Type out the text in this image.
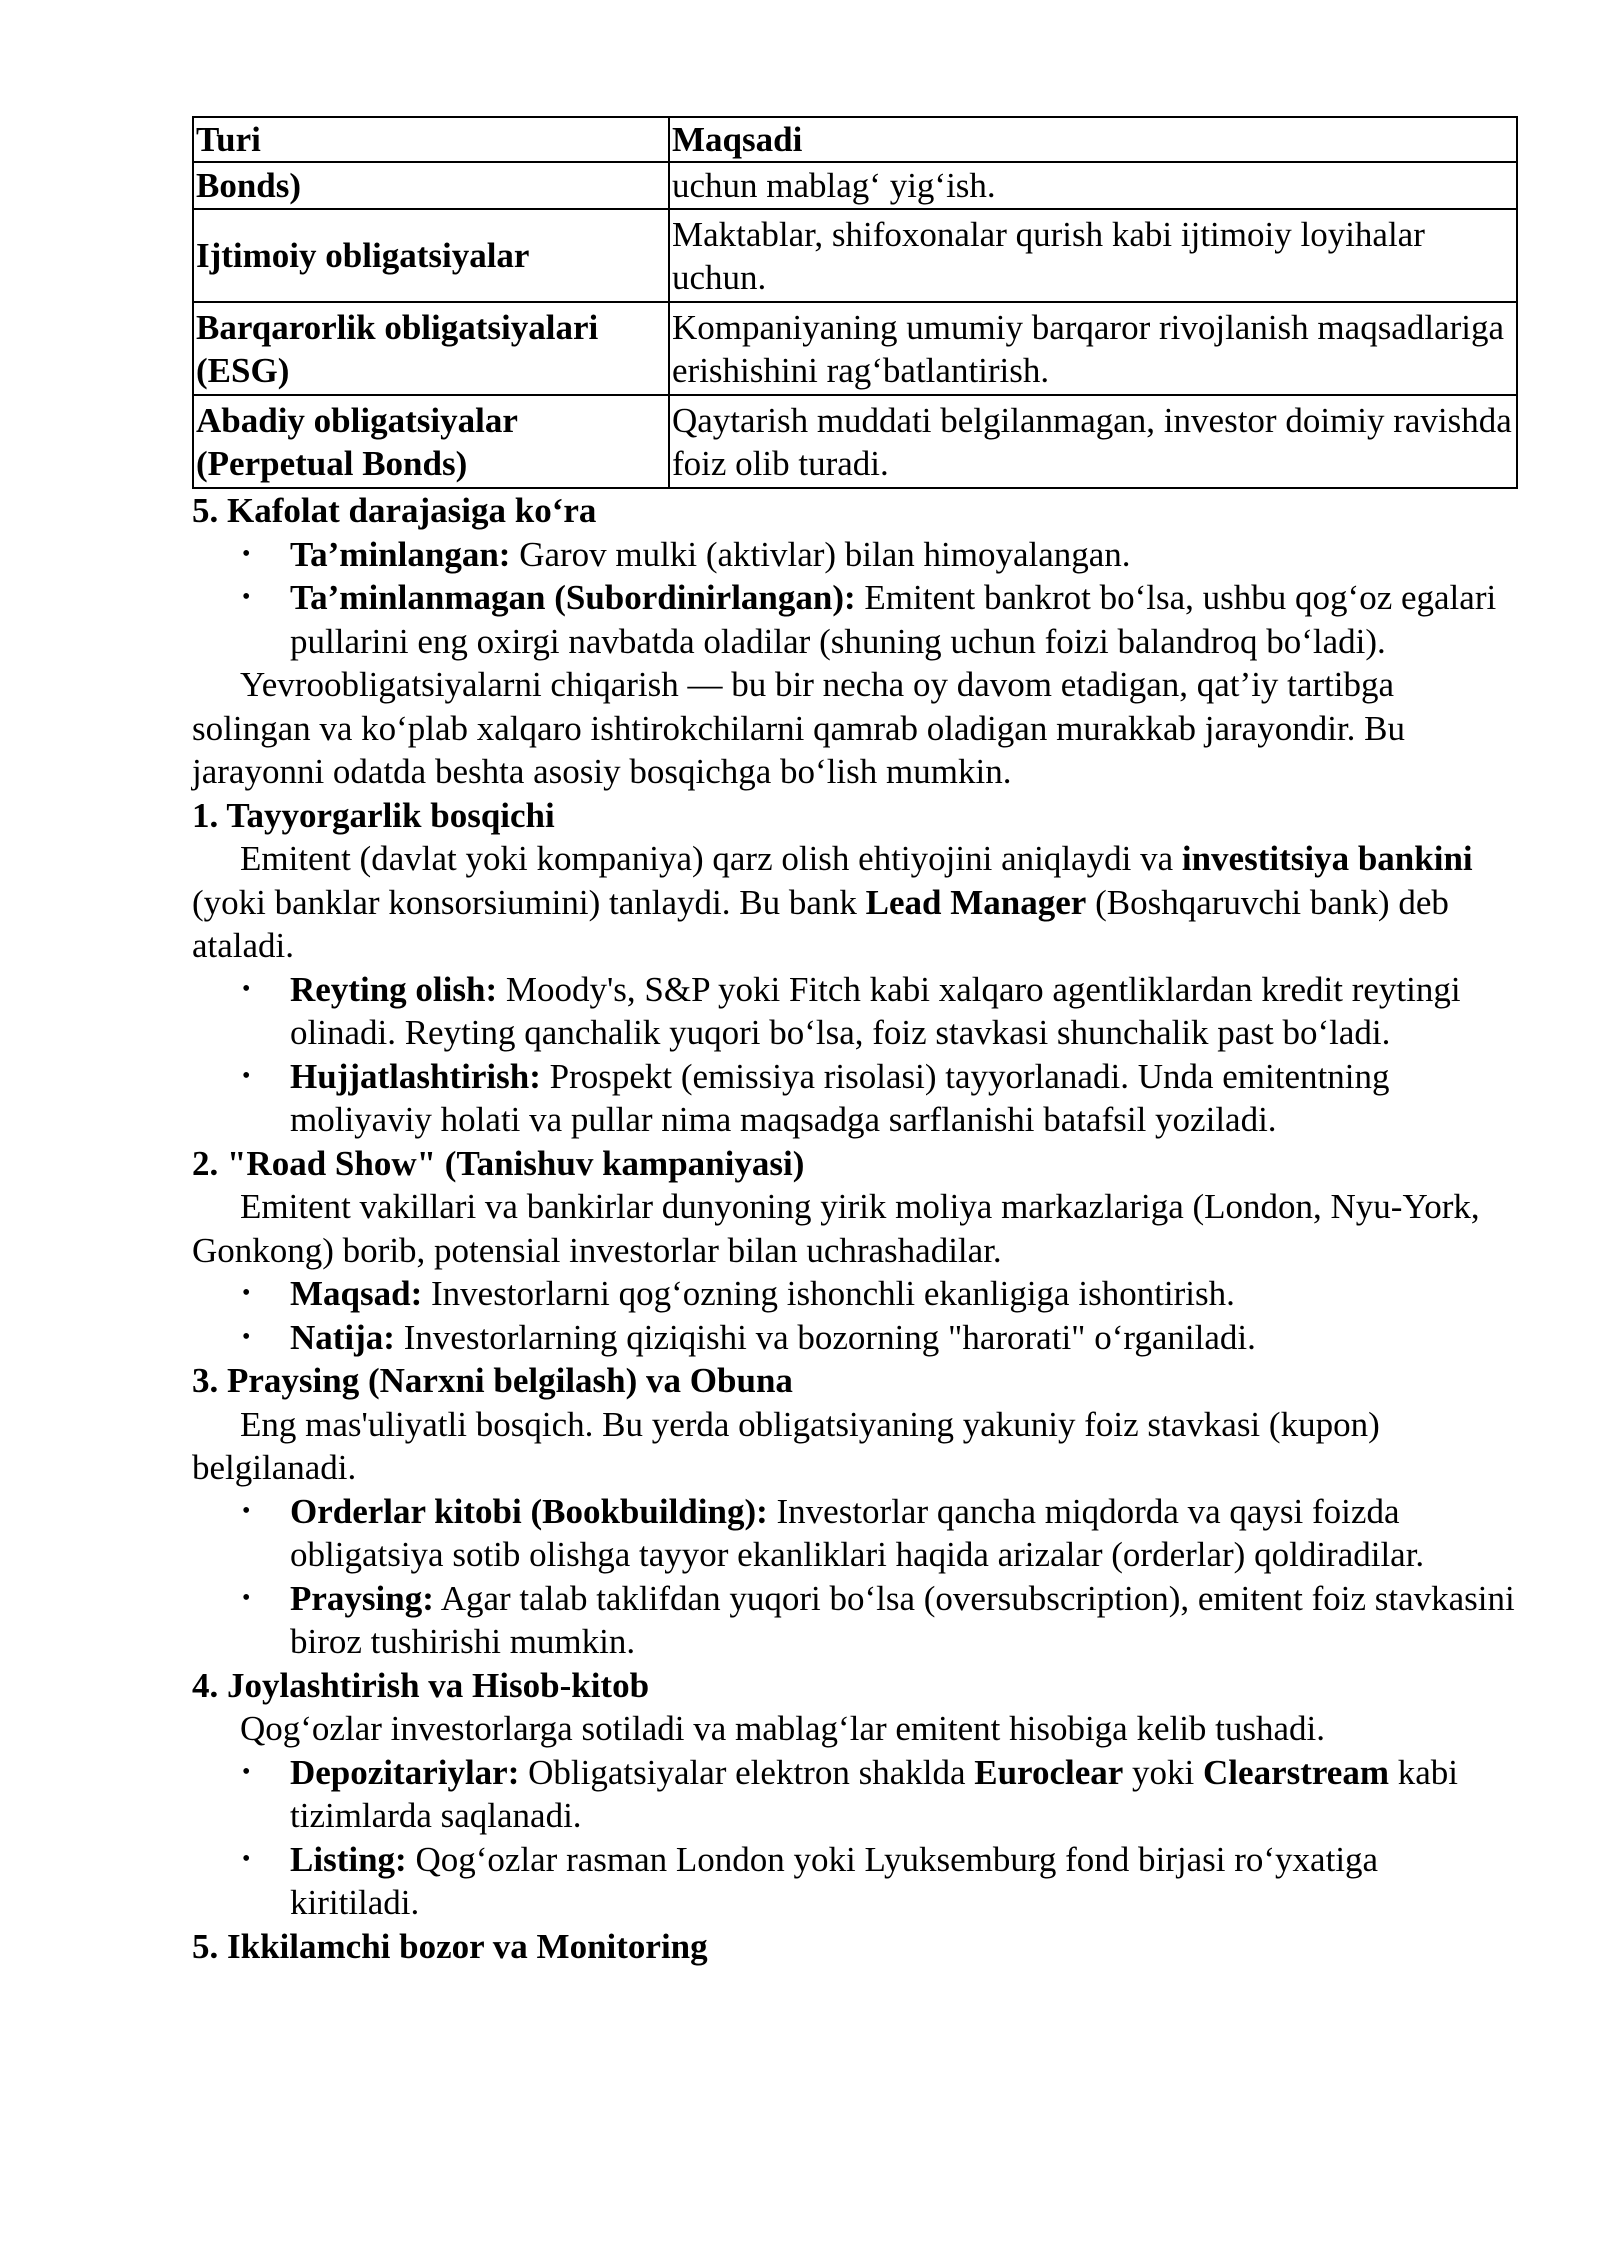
Turi	Maqsadi
Bonds)	uchun mablag‘ yig‘ish.
Ijtimoiy obligatsiyalar	Maktablar, shifoxonalar qurish kabi ijtimoiy loyihalar uchun.
Barqarorlik obligatsiyalari (ESG)	Kompaniyaning umumiy barqaror rivojlanish maqsadlariga erishishini rag‘batlantirish.
Abadiy obligatsiyalar (Perpetual Bonds)	Qaytarish muddati belgilanmagan, investor doimiy ravishda foiz olib turadi.

5. Kafolat darajasiga ko‘ra

• Ta’minlangan: Garov mulki (aktivlar) bilan himoyalangan.
• Ta’minlanmagan (Subordinirlangan): Emitent bankrot bo‘lsa, ushbu qog‘oz egalari pullarini eng oxirgi navbatda oladilar (shuning uchun foizi balandroq bo‘ladi).

Yevroobligatsiyalarni chiqarish — bu bir necha oy davom etadigan, qat’iy tartibga solingan va ko‘plab xalqaro ishtirokchilarni qamrab oladigan murakkab jarayondir. Bu jarayonni odatda beshta asosiy bosqichga bo‘lish mumkin.

1. Tayyorgarlik bosqichi

Emitent (davlat yoki kompaniya) qarz olish ehtiyojini aniqlaydi va investitsiya bankini (yoki banklar konsorsiumini) tanlaydi. Bu bank Lead Manager (Boshqaruvchi bank) deb ataladi.

• Reyting olish: Moody's, S&P yoki Fitch kabi xalqaro agentliklardan kredit reytingi olinadi. Reyting qanchalik yuqori bo‘lsa, foiz stavkasi shunchalik past bo‘ladi.
• Hujjatlashtirish: Prospekt (emissiya risolasi) tayyorlanadi. Unda emitentning moliyaviy holati va pullar nima maqsadga sarflanishi batafsil yoziladi.

2. "Road Show" (Tanishuv kampaniyasi)

Emitent vakillari va bankirlar dunyoning yirik moliya markazlariga (London, Nyu-York, Gonkong) borib, potensial investorlar bilan uchrashadilar.

• Maqsad: Investorlarni qog‘ozning ishonchli ekanligiga ishontirish.
• Natija: Investorlarning qiziqishi va bozorning "harorati" o‘rganiladi.

3. Praysing (Narxni belgilash) va Obuna

Eng mas'uliyatli bosqich. Bu yerda obligatsiyaning yakuniy foiz stavkasi (kupon) belgilanadi.

• Orderlar kitobi (Bookbuilding): Investorlar qancha miqdorda va qaysi foizda obligatsiya sotib olishga tayyor ekanliklari haqida arizalar (orderlar) qoldiradilar.
• Praysing: Agar talab taklifdan yuqori bo‘lsa (oversubscription), emitent foiz stavkasini biroz tushirishi mumkin.

4. Joylashtirish va Hisob-kitob

Qog‘ozlar investorlarga sotiladi va mablag‘lar emitent hisobiga kelib tushadi.

• Depozitariylar: Obligatsiyalar elektron shaklda Euroclear yoki Clearstream kabi tizimlarda saqlanadi.
• Listing: Qog‘ozlar rasman London yoki Lyuksemburg fond birjasi ro‘yxatiga kiritiladi.

5. Ikkilamchi bozor va Monitoring
